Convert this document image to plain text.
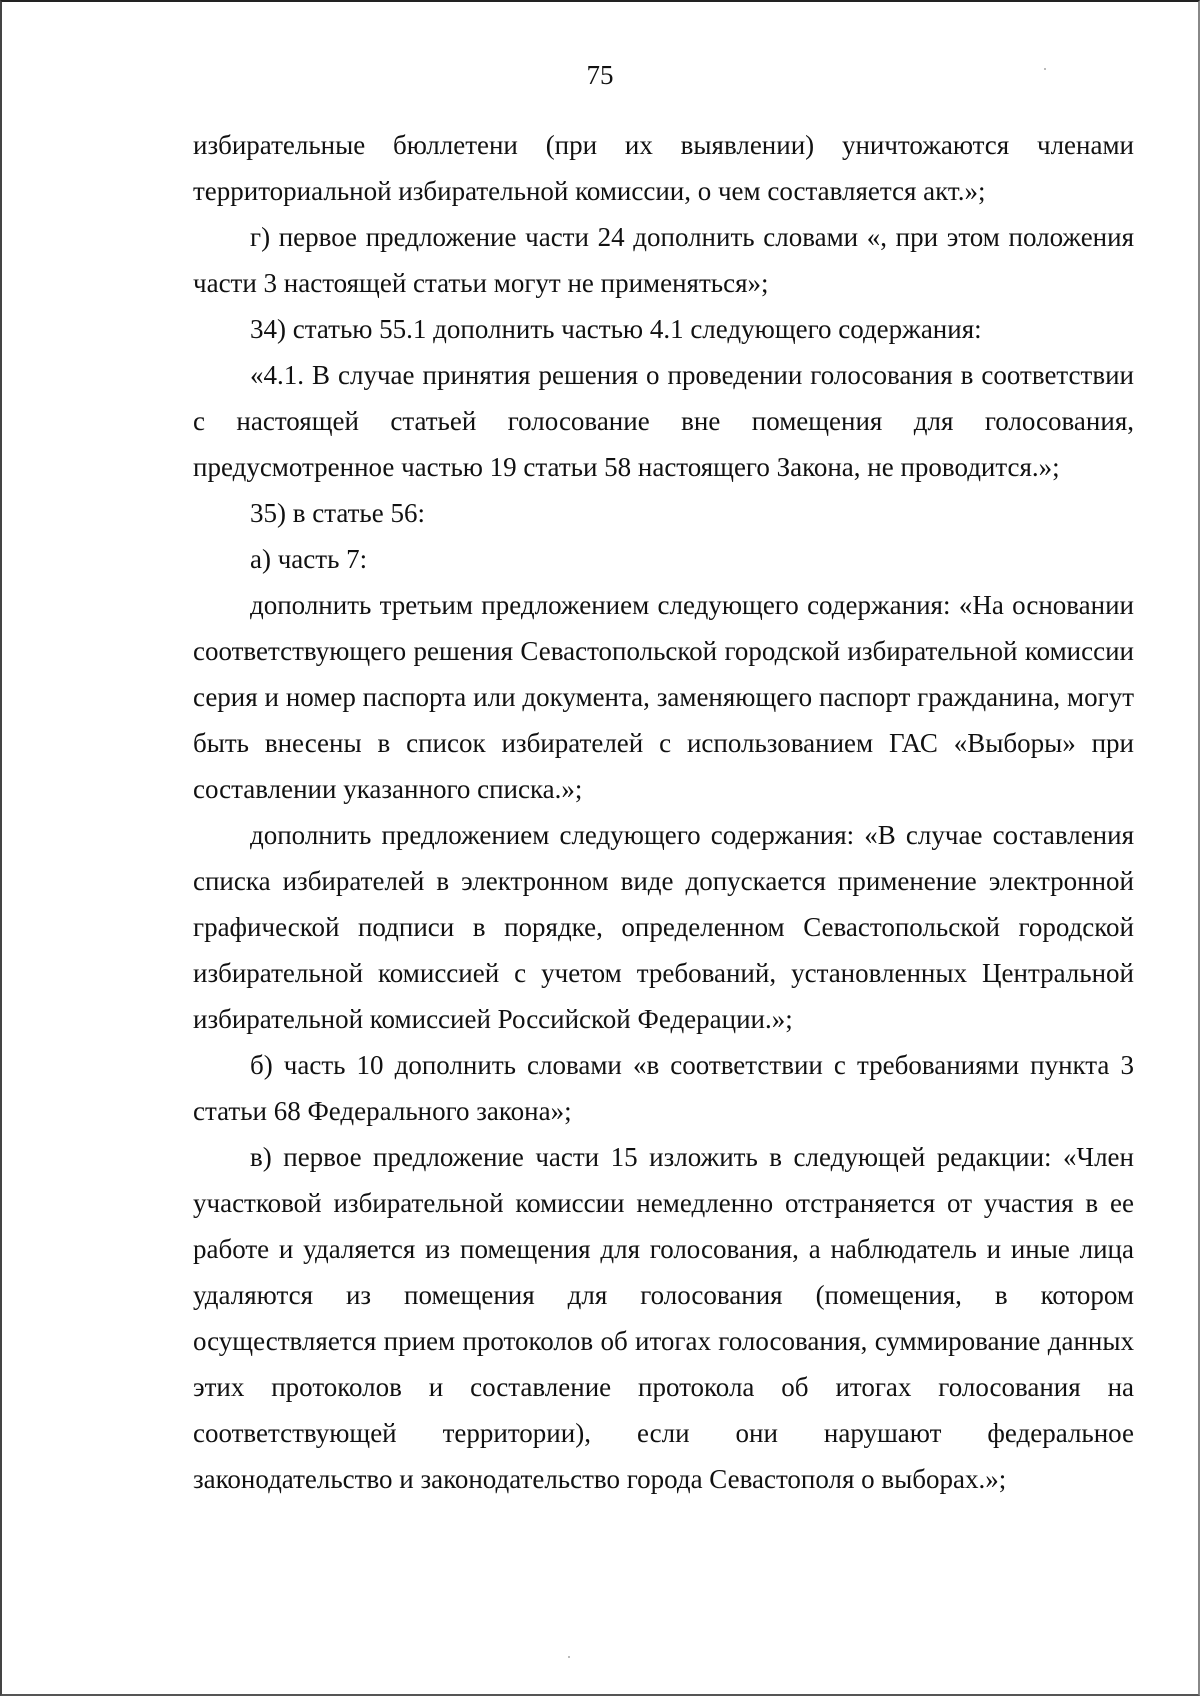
75

избирательные бюллетени (при их выявлении) уничтожаются членами территориальной избирательной комиссии, о чем составляется акт.»;

г) первое предложение части 24 дополнить словами «, при этом положения части 3 настоящей статьи могут не применяться»;

34) статью 55.1 дополнить частью 4.1 следующего содержания:

«4.1. В случае принятия решения о проведении голосования в соответствии с настоящей статьей голосование вне помещения для голосования, предусмотренное частью 19 статьи 58 настоящего Закона, не проводится.»;

35) в статье 56:

а) часть 7:

дополнить третьим предложением следующего содержания: «На основании соответствующего решения Севастопольской городской избирательной комиссии серия и номер паспорта или документа, заменяющего паспорт гражданина, могут быть внесены в список избирателей с использованием ГАС «Выборы» при составлении указанного списка.»;

дополнить предложением следующего содержания: «В случае составления списка избирателей в электронном виде допускается применение электронной графической подписи в порядке, определенном Севастопольской городской избирательной комиссией с учетом требований, установленных Центральной избирательной комиссией Российской Федерации.»;

б) часть 10 дополнить словами «в соответствии с требованиями пункта 3 статьи 68 Федерального закона»;

в) первое предложение части 15 изложить в следующей редакции: «Член участковой избирательной комиссии немедленно отстраняется от участия в ее работе и удаляется из помещения для голосования, а наблюдатель и иные лица удаляются из помещения для голосования (помещения, в котором осуществляется прием протоколов об итогах голосования, суммирование данных этих протоколов и составление протокола об итогах голосования на соответствующей территории), если они нарушают федеральное законодательство и законодательство города Севастополя о выборах.»;
